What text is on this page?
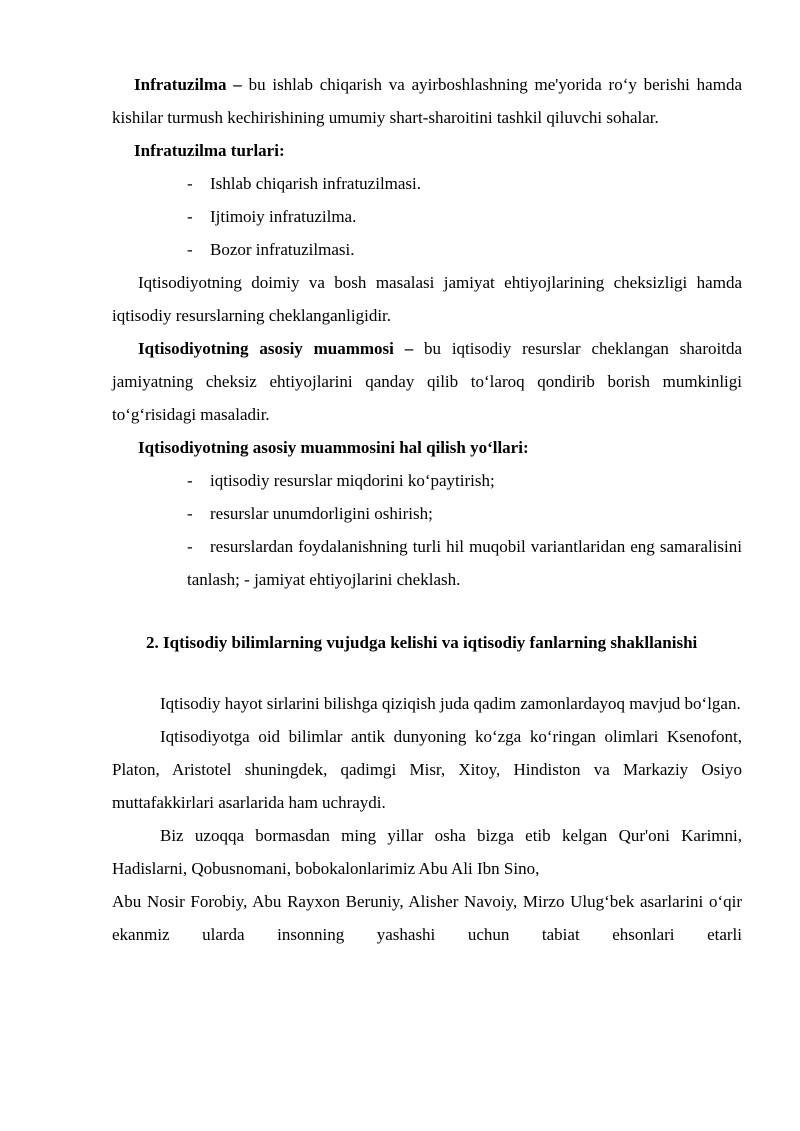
Infratuzilma – bu ishlab chiqarish va ayirboshlashning me'yorida ro‘y berishi hamda kishilar turmush kechirishining umumiy shart-sharoitini tashkil qiluvchi sohalar.

Infratuzilma turlari:

- Ishlab chiqarish infratuzilmasi.
- Ijtimoiy infratuzilma.
- Bozor infratuzilmasi.

Iqtisodiyotning doimiy va bosh masalasi jamiyat ehtiyojlarining cheksizligi hamda iqtisodiy resurslarning cheklanganligidir.

Iqtisodiyotning asosiy muammosi – bu iqtisodiy resurslar cheklangan sharoitda jamiyatning cheksiz ehtiyojlarini qanday qilib to‘laroq qondirib borish mumkinligi to‘g‘risidagi masaladir.

Iqtisodiyotning asosiy muammosini hal qilish yo‘llari:

- iqtisodiy resurslar miqdorini ko‘paytirish;
- resurslar unumdorligini oshirish;
- resurslardan foydalanishning turli hil muqobil variantlaridan eng samaralisini tanlash; - jamiyat ehtiyojlarini cheklash.

2. Iqtisodiy bilimlarning vujudga kelishi va iqtisodiy fanlarning shakllanishi

Iqtisodiy hayot sirlarini bilishga qiziqish juda qadim zamonlardayoq mavjud bo‘lgan.

Iqtisodiyotga oid bilimlar antik dunyoning ko‘zga ko‘ringan olimlari Ksenofont, Platon, Aristotel shuningdek, qadimgi Misr, Xitoy, Hindiston va Markaziy Osiyo muttafakkirlari asarlarida ham uchraydi.

Biz uzoqqa bormasdan ming yillar osha bizga etib kelgan Qur'oni Karimni, Hadislarni, Qobusnomani, bobokalonlarimiz Abu Ali Ibn Sino,

Abu Nosir Forobiy, Abu Rayxon Beruniy, Alisher Navoiy, Mirzo Ulug‘bek asarlarini o‘qir ekanmiz ularda insonning yashashi uchun tabiat ehsonlari etarli
